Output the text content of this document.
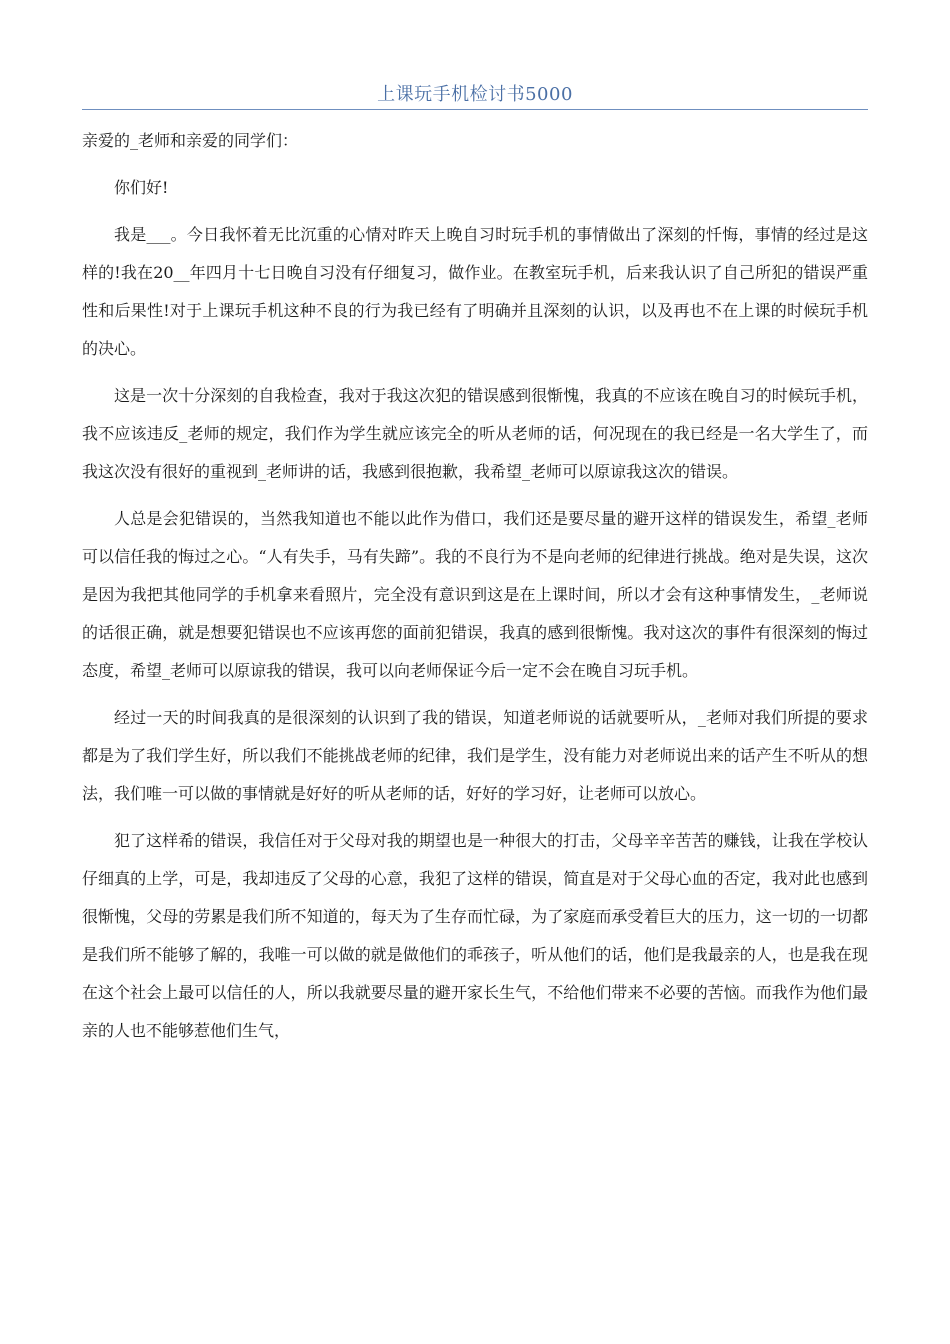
上课玩手机检讨书5000

亲爱的_老师和亲爱的同学们：

你们好!

我是___。今日我怀着无比沉重的心情对昨天上晚自习时玩手机的事情做出了深刻的忏悔，事情的经过是这样的!我在20__年四月十七日晚自习没有仔细复习，做作业。在教室玩手机，后来我认识了自己所犯的错误严重性和后果性!对于上课玩手机这种不良的行为我已经有了明确并且深刻的认识，以及再也不在上课的时候玩手机的决心。

这是一次十分深刻的自我检查，我对于我这次犯的错误感到很惭愧，我真的不应该在晚自习的时候玩手机，我不应该违反_老师的规定，我们作为学生就应该完全的听从老师的话，何况现在的我已经是一名大学生了，而我这次没有很好的重视到_老师讲的话，我感到很抱歉，我希望_老师可以原谅我这次的错误。

人总是会犯错误的，当然我知道也不能以此作为借口，我们还是要尽量的避开这样的错误发生，希望_老师可以信任我的悔过之心。“人有失手，马有失蹄”。我的不良行为不是向老师的纪律进行挑战。绝对是失误，这次是因为我把其他同学的手机拿来看照片，完全没有意识到这是在上课时间，所以才会有这种事情发生，_老师说的话很正确，就是想要犯错误也不应该再您的面前犯错误，我真的感到很惭愧。我对这次的事件有很深刻的悔过态度，希望_老师可以原谅我的错误，我可以向老师保证今后一定不会在晚自习玩手机。

经过一天的时间我真的是很深刻的认识到了我的错误，知道老师说的话就要听从，_老师对我们所提的要求都是为了我们学生好，所以我们不能挑战老师的纪律，我们是学生，没有能力对老师说出来的话产生不听从的想法，我们唯一可以做的事情就是好好的听从老师的话，好好的学习好，让老师可以放心。

犯了这样希的错误，我信任对于父母对我的期望也是一种很大的打击，父母辛辛苦苦的赚钱，让我在学校认仔细真的上学，可是，我却违反了父母的心意，我犯了这样的错误，简直是对于父母心血的否定，我对此也感到很惭愧，父母的劳累是我们所不知道的，每天为了生存而忙碌，为了家庭而承受着巨大的压力，这一切的一切都是我们所不能够了解的，我唯一可以做的就是做他们的乖孩子，听从他们的话，他们是我最亲的人，也是我在现在这个社会上最可以信任的人，所以我就要尽量的避开家长生气，不给他们带来不必要的苦恼。而我作为他们最亲的人也不能够惹他们生气，
